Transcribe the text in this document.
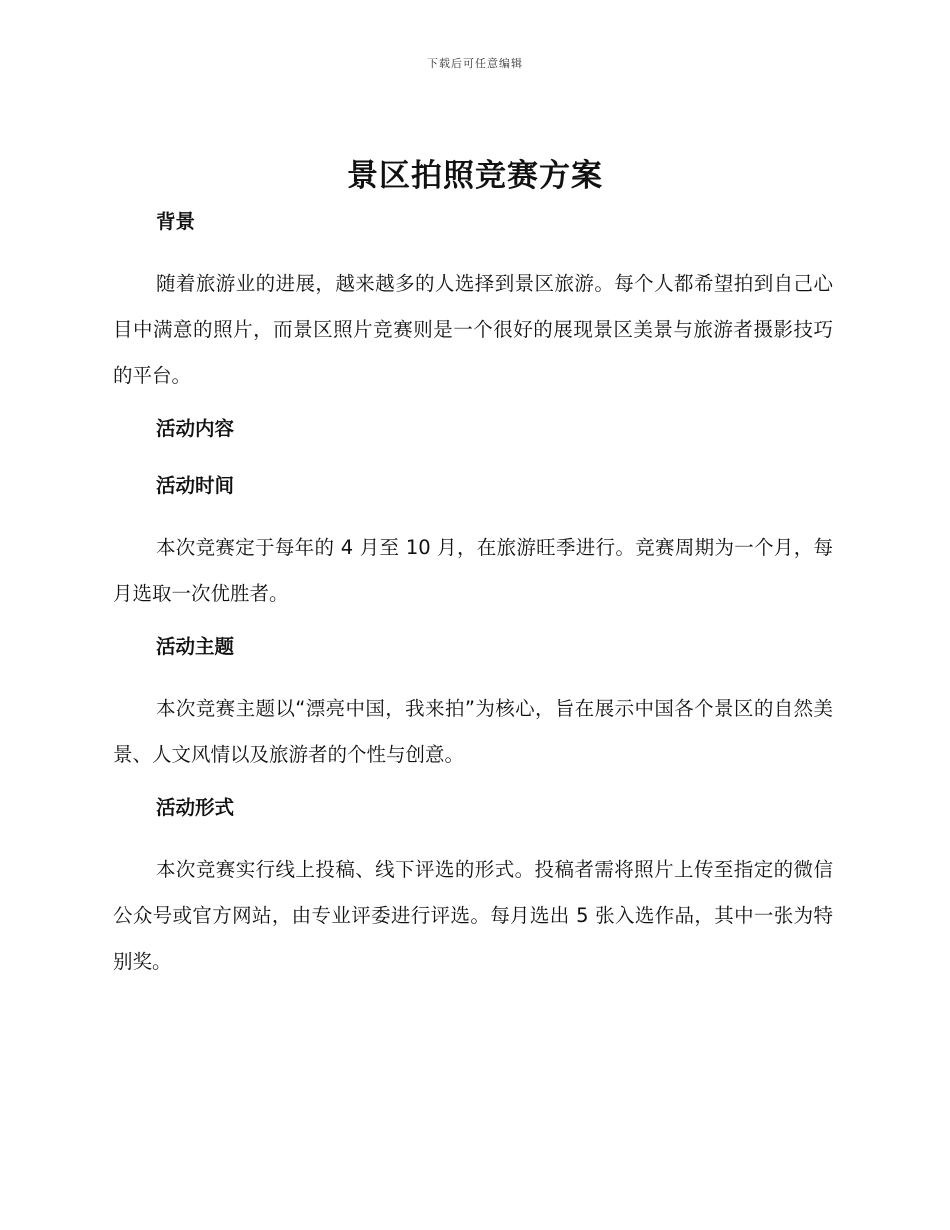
下载后可任意编辑
景区拍照竞赛方案
背景

随着旅游业的进展，越来越多的人选择到景区旅游。每个人都希望拍到自己心目中满意的照片，而景区照片竞赛则是一个很好的展现景区美景与旅游者摄影技巧的平台。

活动内容
活动时间

本次竞赛定于每年的 4 月至 10 月，在旅游旺季进行。竞赛周期为一个月，每月选取一次优胜者。

活动主题

本次竞赛主题以“漂亮中国，我来拍”为核心，旨在展示中国各个景区的自然美景、人文风情以及旅游者的个性与创意。

活动形式

本次竞赛实行线上投稿、线下评选的形式。投稿者需将照片上传至指定的微信公众号或官方网站，由专业评委进行评选。每月选出 5 张入选作品，其中一张为特别奖。
